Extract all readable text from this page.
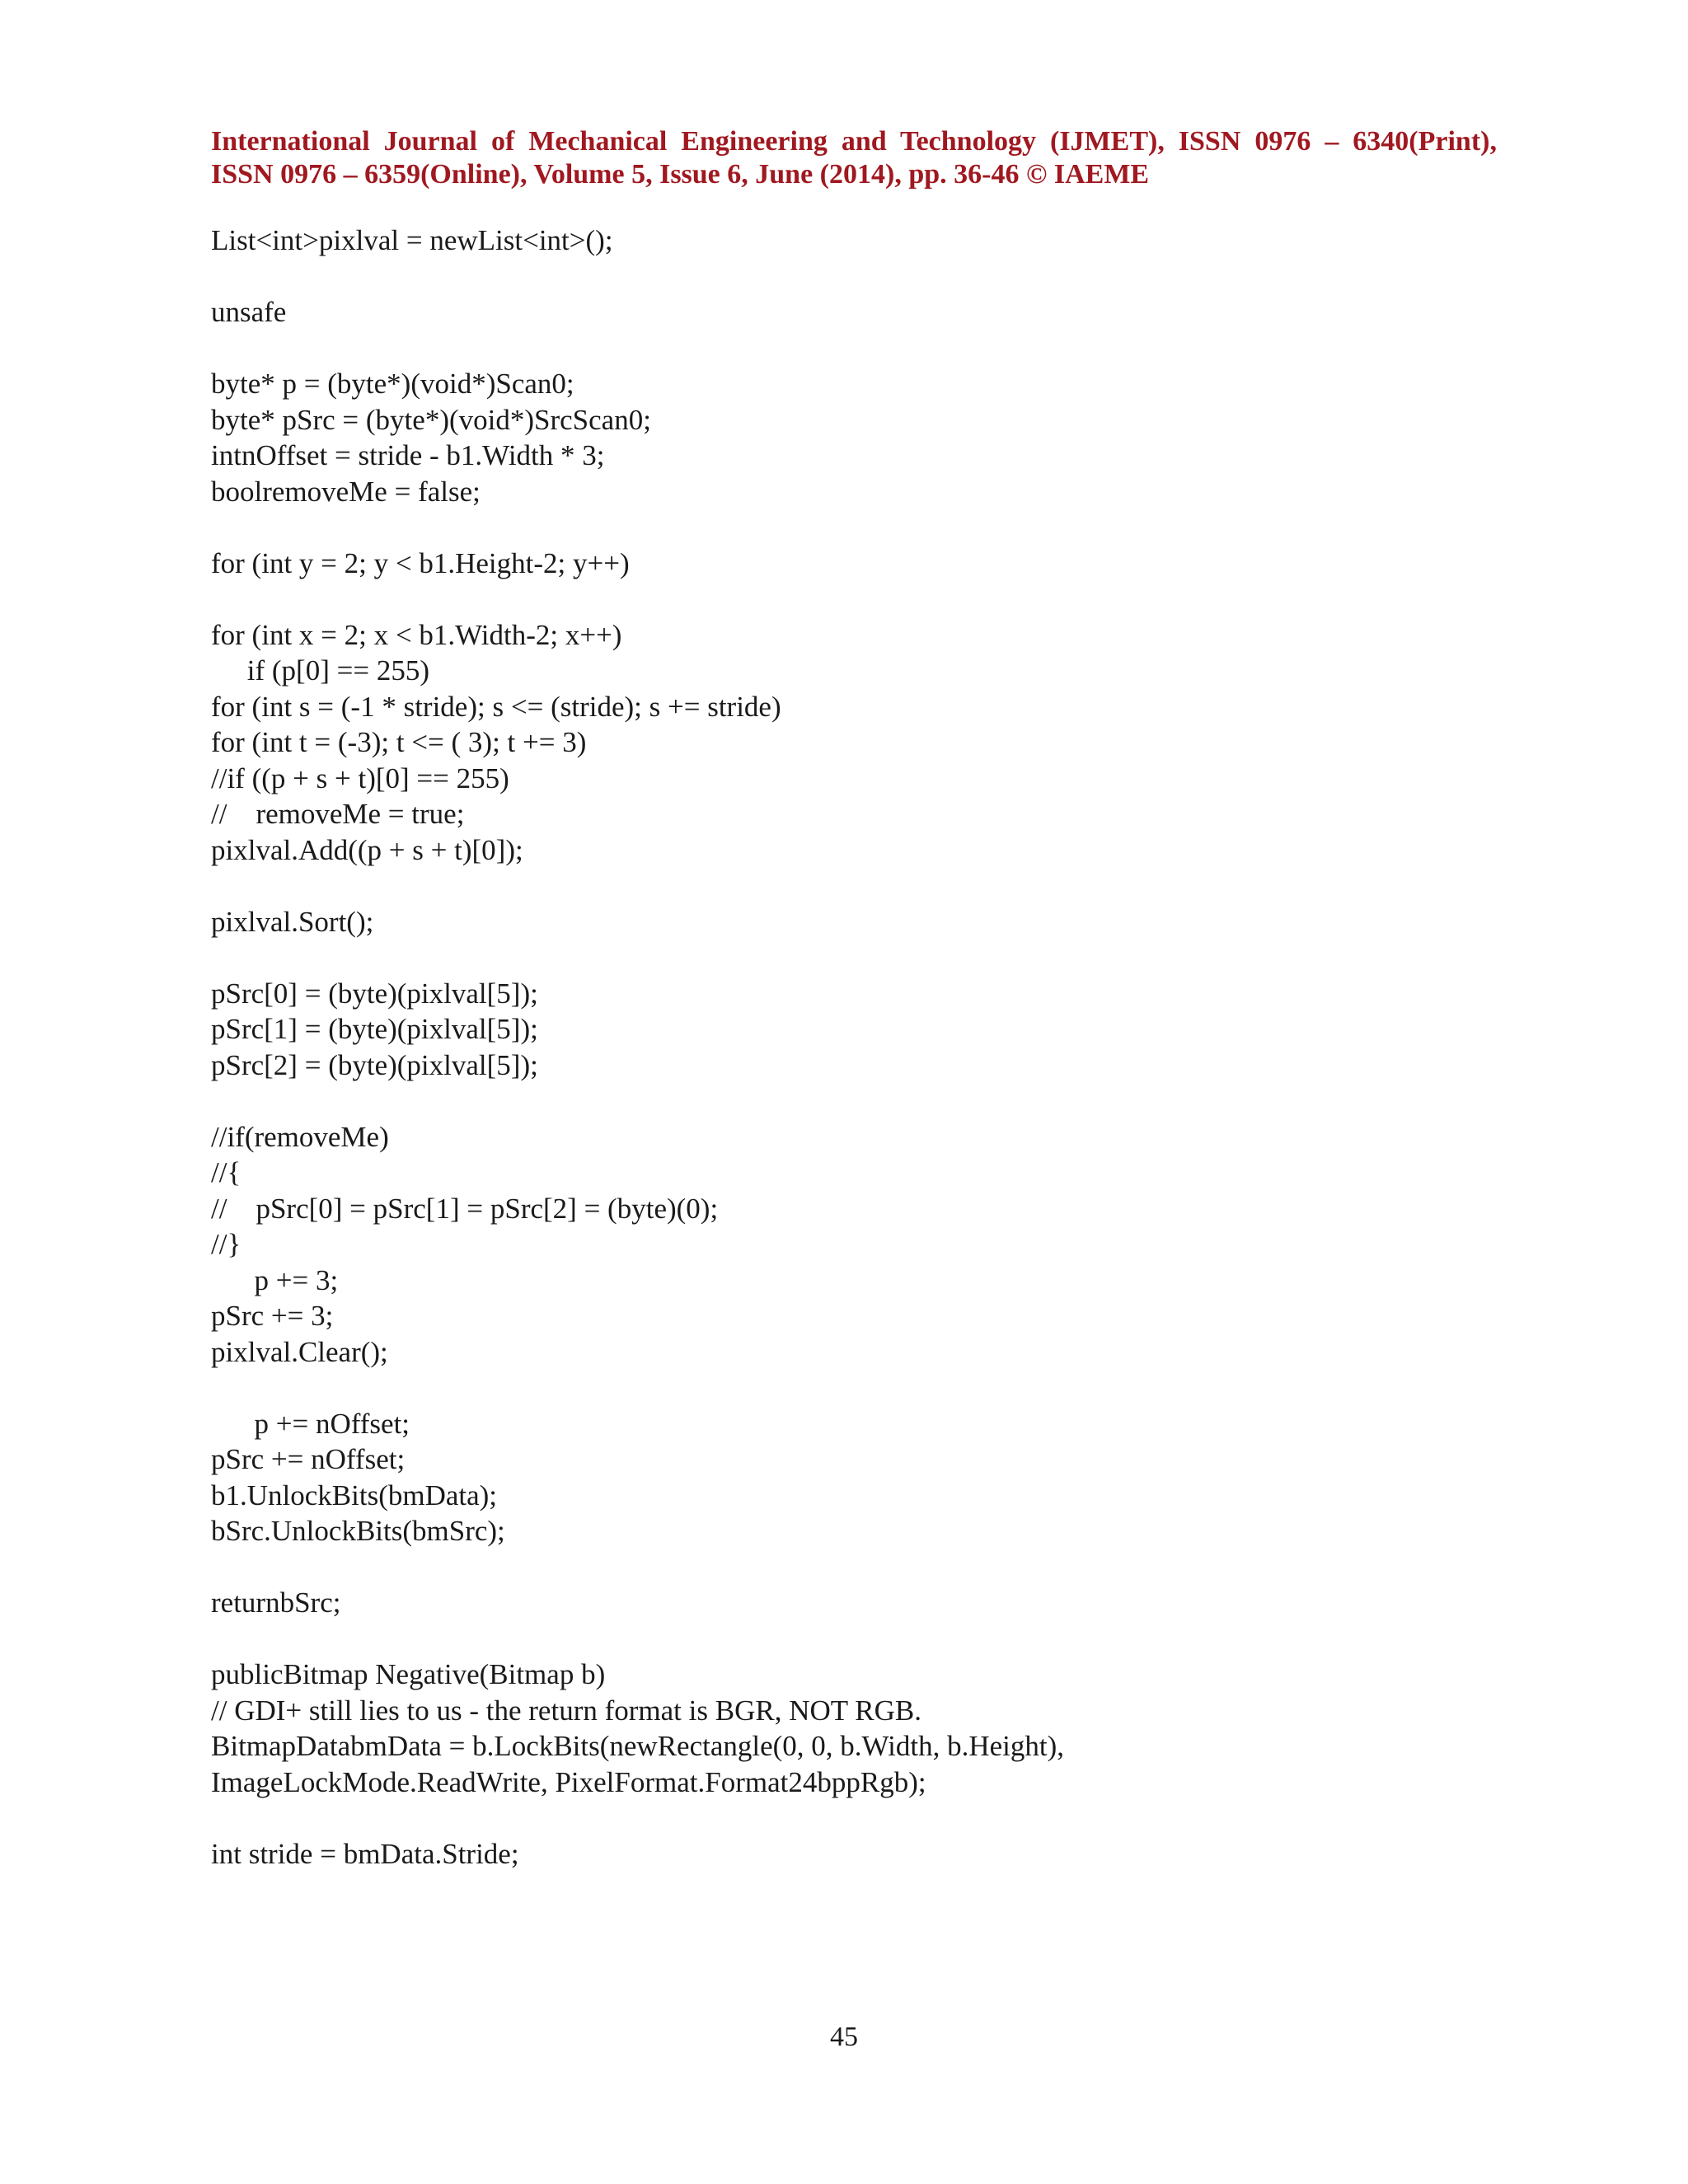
International Journal of Mechanical Engineering and Technology (IJMET), ISSN 0976 – 6340(Print),
ISSN 0976 – 6359(Online), Volume 5, Issue 6, June (2014), pp. 36-46 © IAEME
List<int>pixlval = newList<int>();
unsafe
byte* p = (byte*)(void*)Scan0;
byte* pSrc = (byte*)(void*)SrcScan0;
intnOffset = stride - b1.Width * 3;
boolremoveMe = false;
for (int y = 2; y < b1.Height-2; y++)
for (int x = 2; x < b1.Width-2; x++)
if (p[0] == 255)
for (int s = (-1 * stride); s <= (stride); s += stride)
for (int t = (-3); t <= ( 3); t += 3)
//if ((p + s + t)[0] == 255)
//    removeMe = true;
pixlval.Add((p + s + t)[0]);
pixlval.Sort();
pSrc[0] = (byte)(pixlval[5]);
pSrc[1] = (byte)(pixlval[5]);
pSrc[2] = (byte)(pixlval[5]);
//if(removeMe)
//{
//    pSrc[0] = pSrc[1] = pSrc[2] = (byte)(0);
//}
p += 3;
pSrc += 3;
pixlval.Clear();
p += nOffset;
pSrc += nOffset;
b1.UnlockBits(bmData);
bSrc.UnlockBits(bmSrc);
returnbSrc;
publicBitmap Negative(Bitmap b)
// GDI+ still lies to us - the return format is BGR, NOT RGB.
BitmapDatabmData = b.LockBits(newRectangle(0, 0, b.Width, b.Height),
ImageLockMode.ReadWrite, PixelFormat.Format24bppRgb);
int stride = bmData.Stride;
45
